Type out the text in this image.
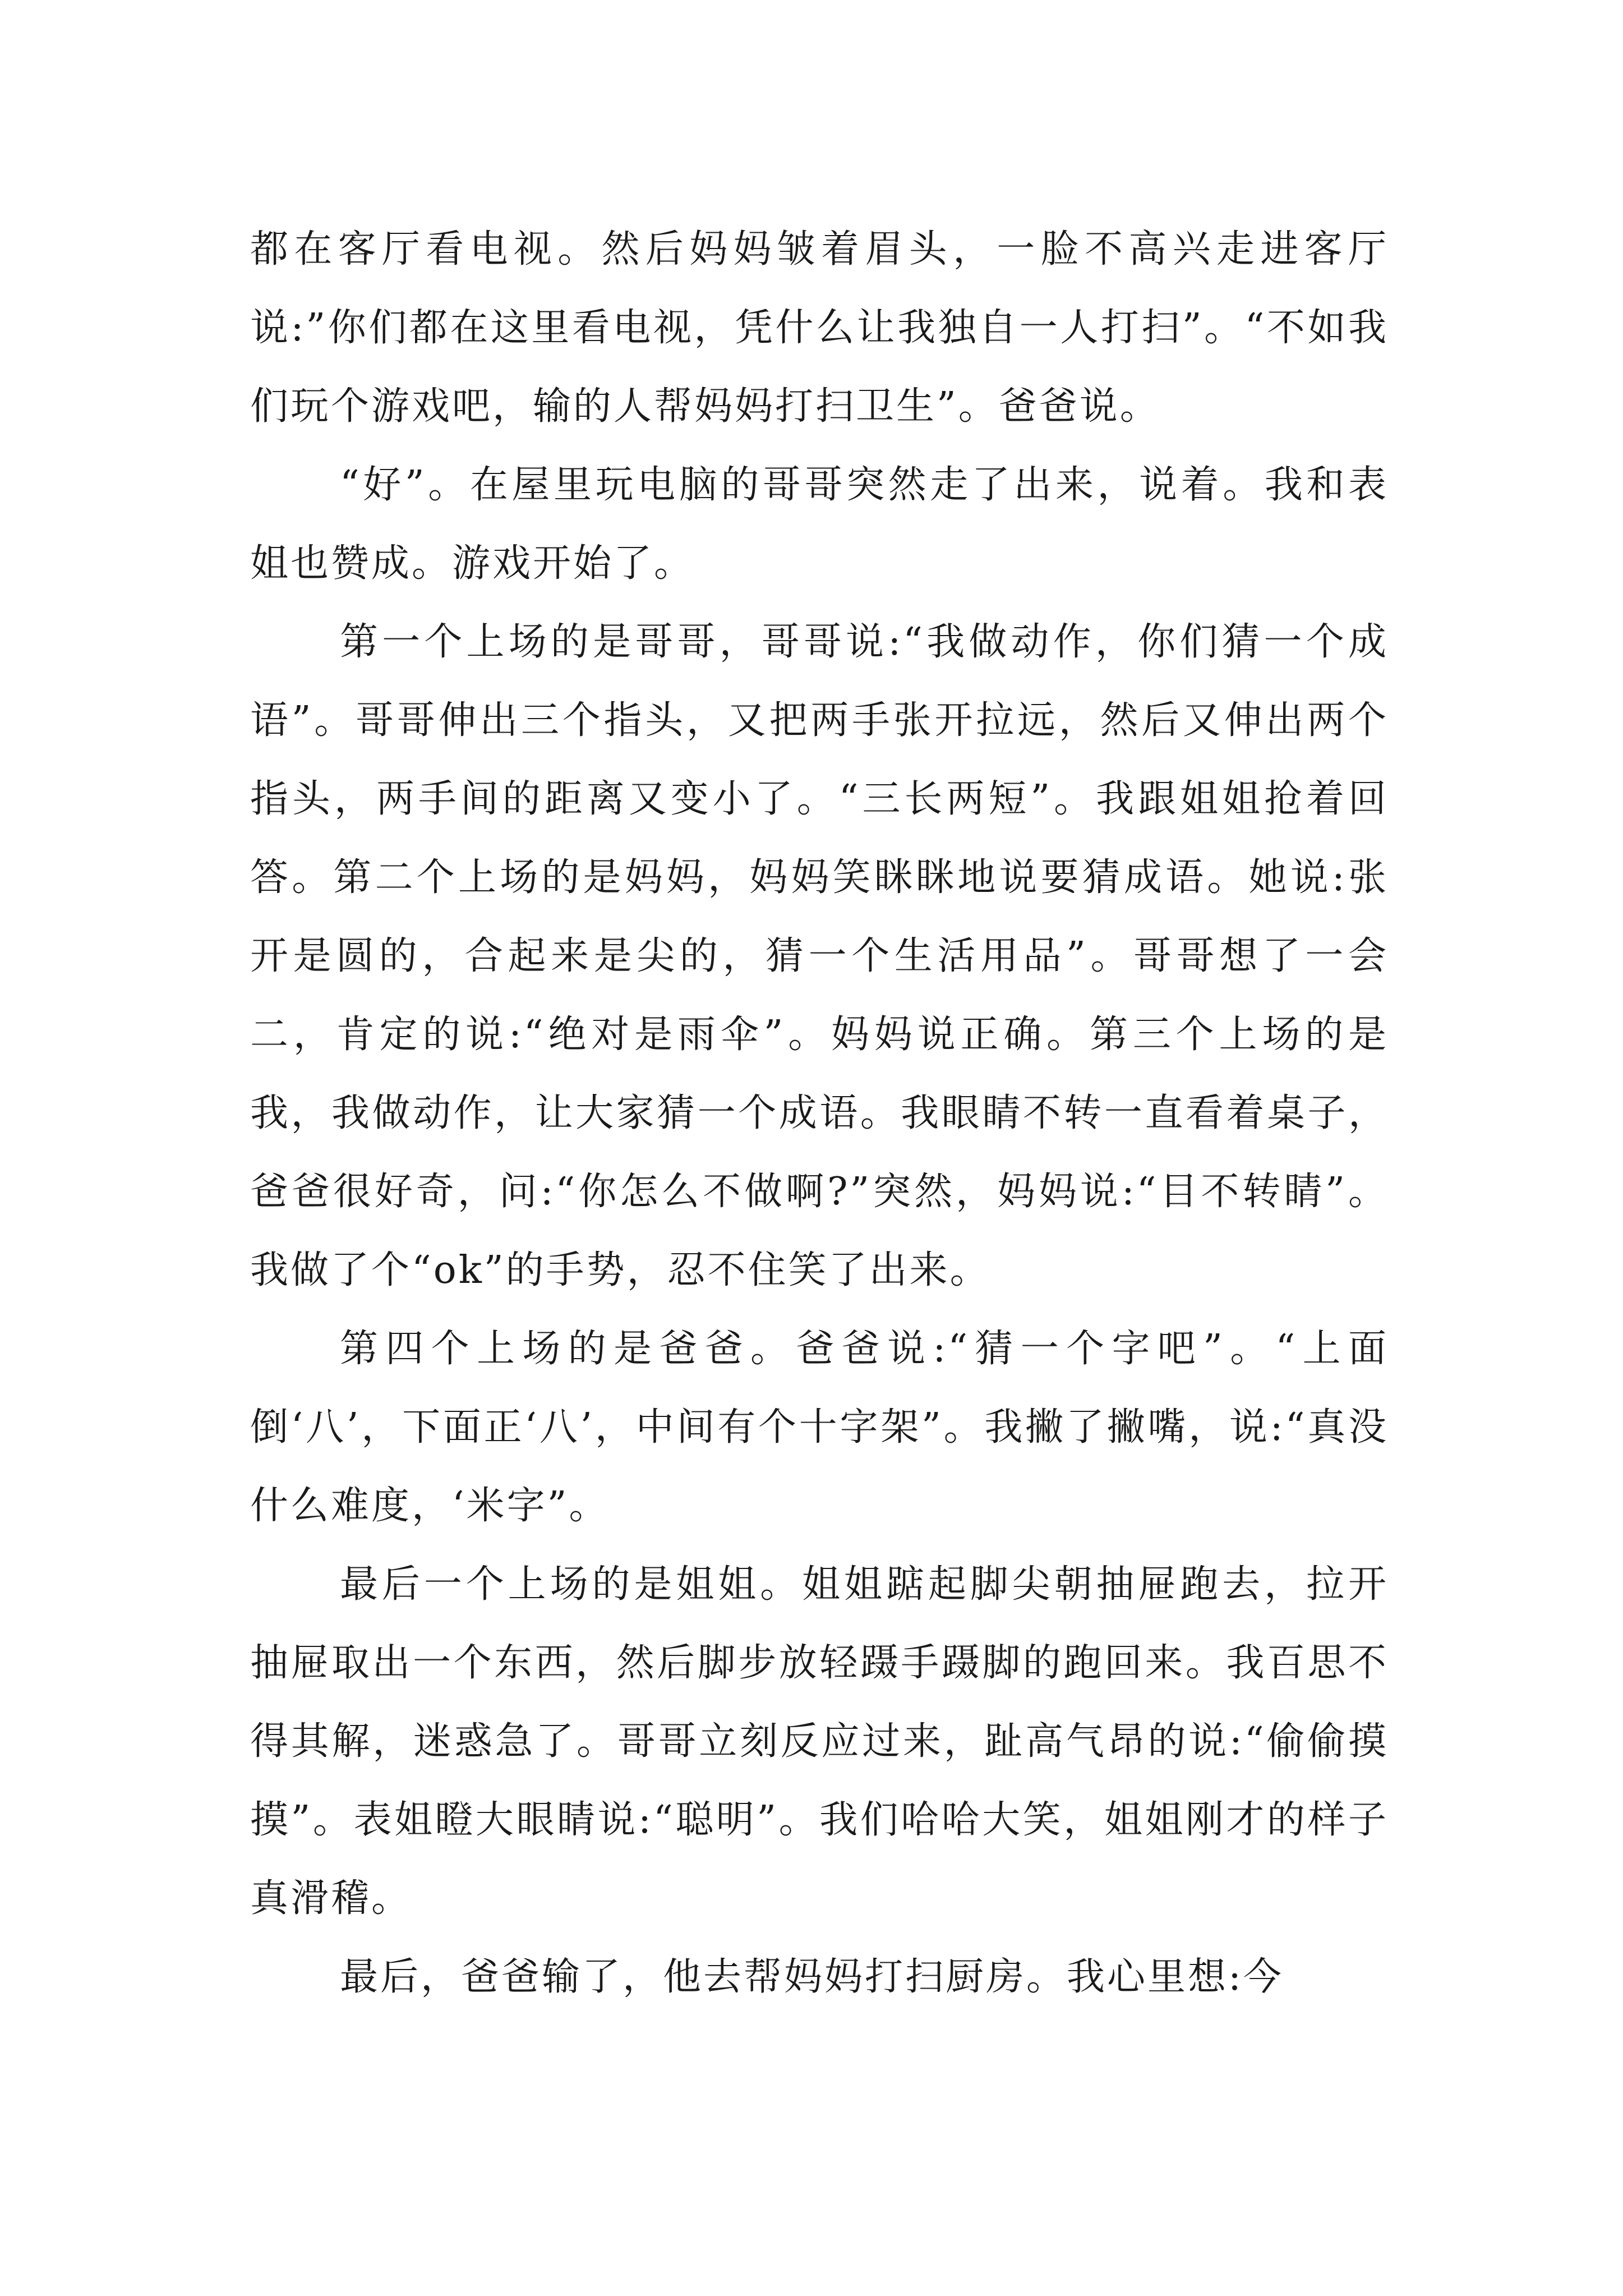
都在客厅看电视。然后妈妈皱着眉头，一脸不高兴走进客厅说:”你们都在这里看电视，凭什么让我独自一人打扫”。“不如我们玩个游戏吧，输的人帮妈妈打扫卫生”。爸爸说。

“好”。在屋里玩电脑的哥哥突然走了出来，说着。我和表姐也赞成。游戏开始了。

第一个上场的是哥哥，哥哥说:“我做动作，你们猜一个成语”。哥哥伸出三个指头，又把两手张开拉远，然后又伸出两个指头，两手间的距离又变小了。“三长两短”。我跟姐姐抢着回答。第二个上场的是妈妈，妈妈笑眯眯地说要猜成语。她说:张开是圆的，合起来是尖的，猜一个生活用品”。哥哥想了一会二，肯定的说:“绝对是雨伞”。妈妈说正确。第三个上场的是我，我做动作，让大家猜一个成语。我眼睛不转一直看着桌子，爸爸很好奇，问:“你怎么不做啊?”突然，妈妈说:“目不转睛”。我做了个“ok”的手势，忍不住笑了出来。

第四个上场的是爸爸。爸爸说:“猜一个字吧”。“上面倒‘八’，下面正‘八’，中间有个十字架”。我撇了撇嘴，说:“真没什么难度，‘米字”。

最后一个上场的是姐姐。姐姐踮起脚尖朝抽屉跑去，拉开抽屉取出一个东西，然后脚步放轻蹑手蹑脚的跑回来。我百思不得其解，迷惑急了。哥哥立刻反应过来，趾高气昂的说:“偷偷摸摸”。表姐瞪大眼睛说:“聪明”。我们哈哈大笑，姐姐刚才的样子真滑稽。

最后，爸爸输了，他去帮妈妈打扫厨房。我心里想:今
